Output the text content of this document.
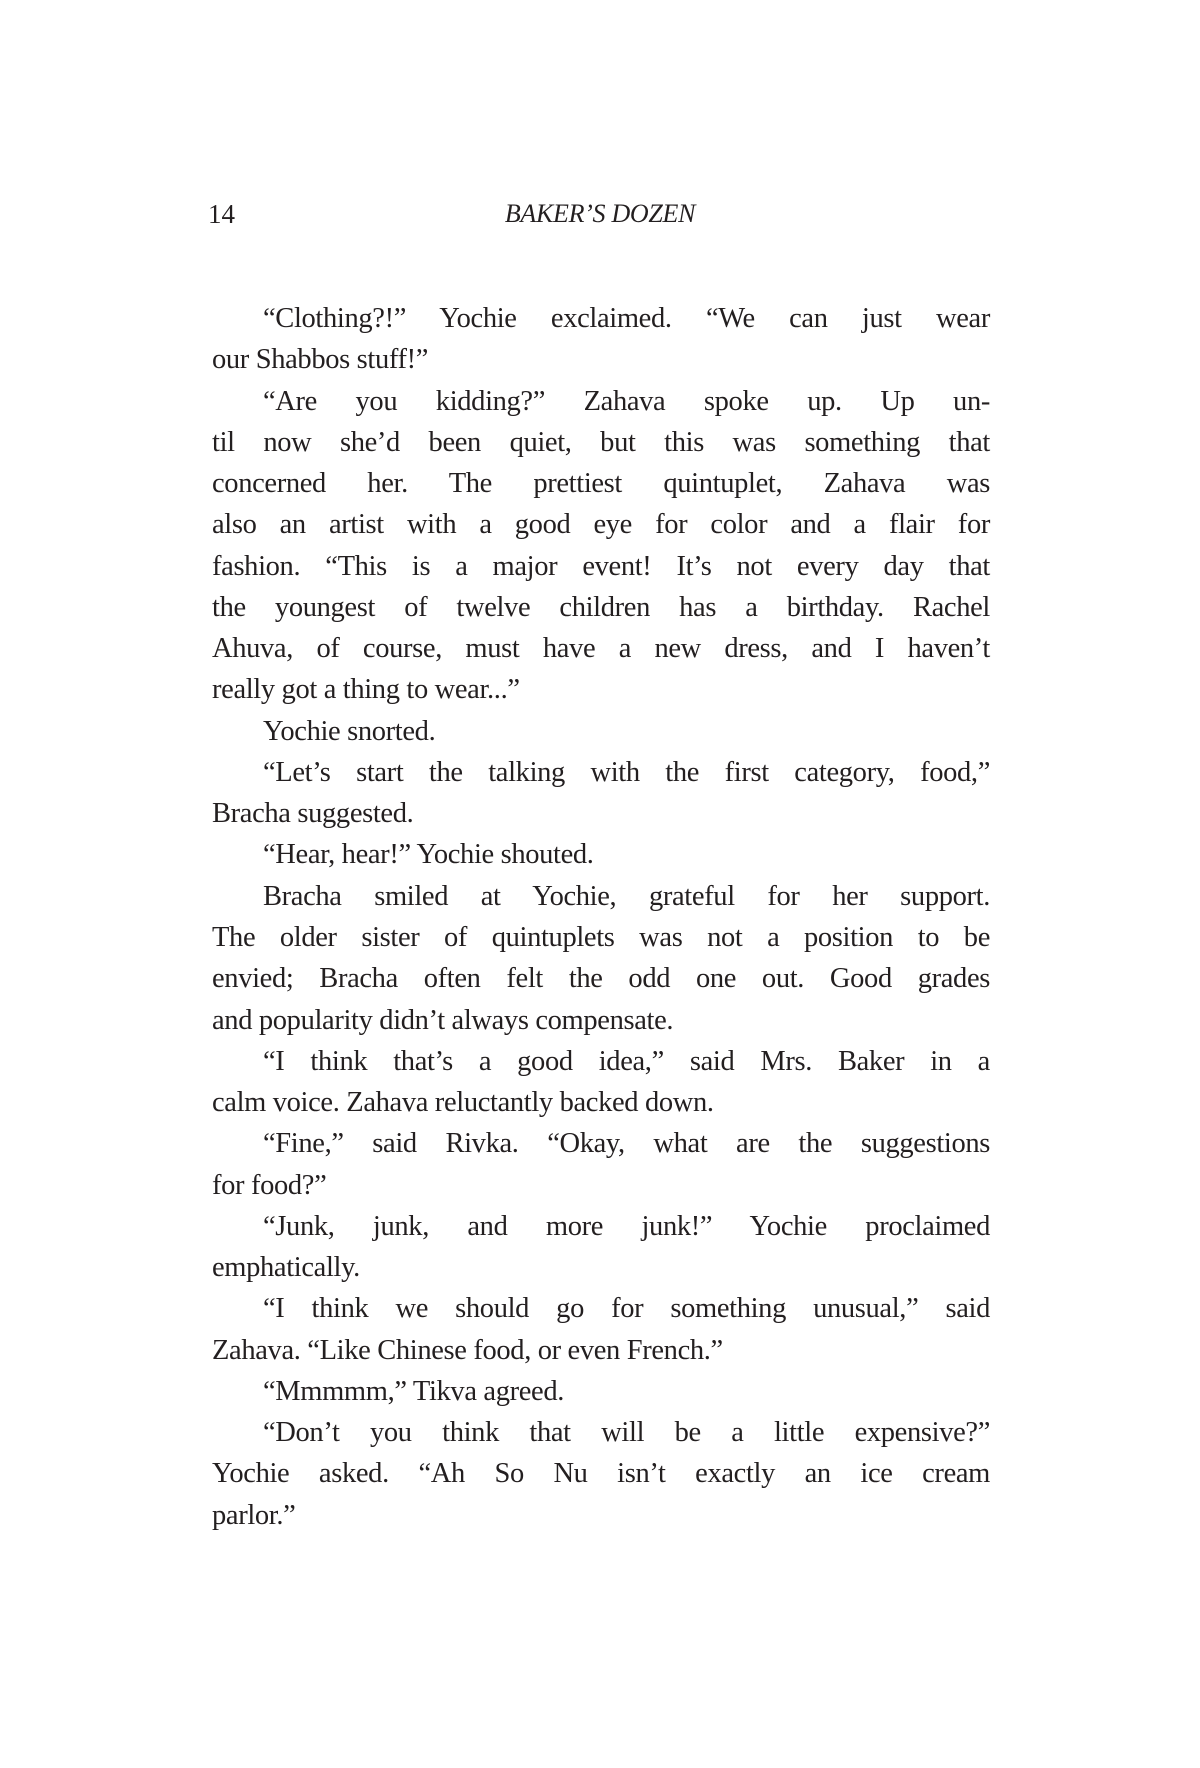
14	BAKER’S DOZEN
“Clothing?!” Yochie exclaimed. “We can just wear
our Shabbos stuff!”
“Are you kidding?” Zahava spoke up. Up un-
til now she’d been quiet, but this was something that
concerned her. The prettiest quintuplet, Zahava was
also an artist with a good eye for color and a flair for
fashion. “This is a major event! It’s not every day that
the youngest of twelve children has a birthday. Rachel
Ahuva, of course, must have a new dress, and I haven’t
really got a thing to wear...”
Yochie snorted.
“Let’s start the talking with the first category, food,”
Bracha suggested.
“Hear, hear!” Yochie shouted.
Bracha smiled at Yochie, grateful for her support.
The older sister of quintuplets was not a position to be
envied; Bracha often felt the odd one out. Good grades
and popularity didn’t always compensate.
“I think that’s a good idea,” said Mrs. Baker in a
calm voice. Zahava reluctantly backed down.
“Fine,” said Rivka. “Okay, what are the suggestions
for food?”
“Junk, junk, and more junk!” Yochie proclaimed
emphatically.
“I think we should go for something unusual,” said
Zahava. “Like Chinese food, or even French.”
“Mmmmm,” Tikva agreed.
“Don’t you think that will be a little expensive?”
Yochie asked. “Ah So Nu isn’t exactly an ice cream
parlor.”
